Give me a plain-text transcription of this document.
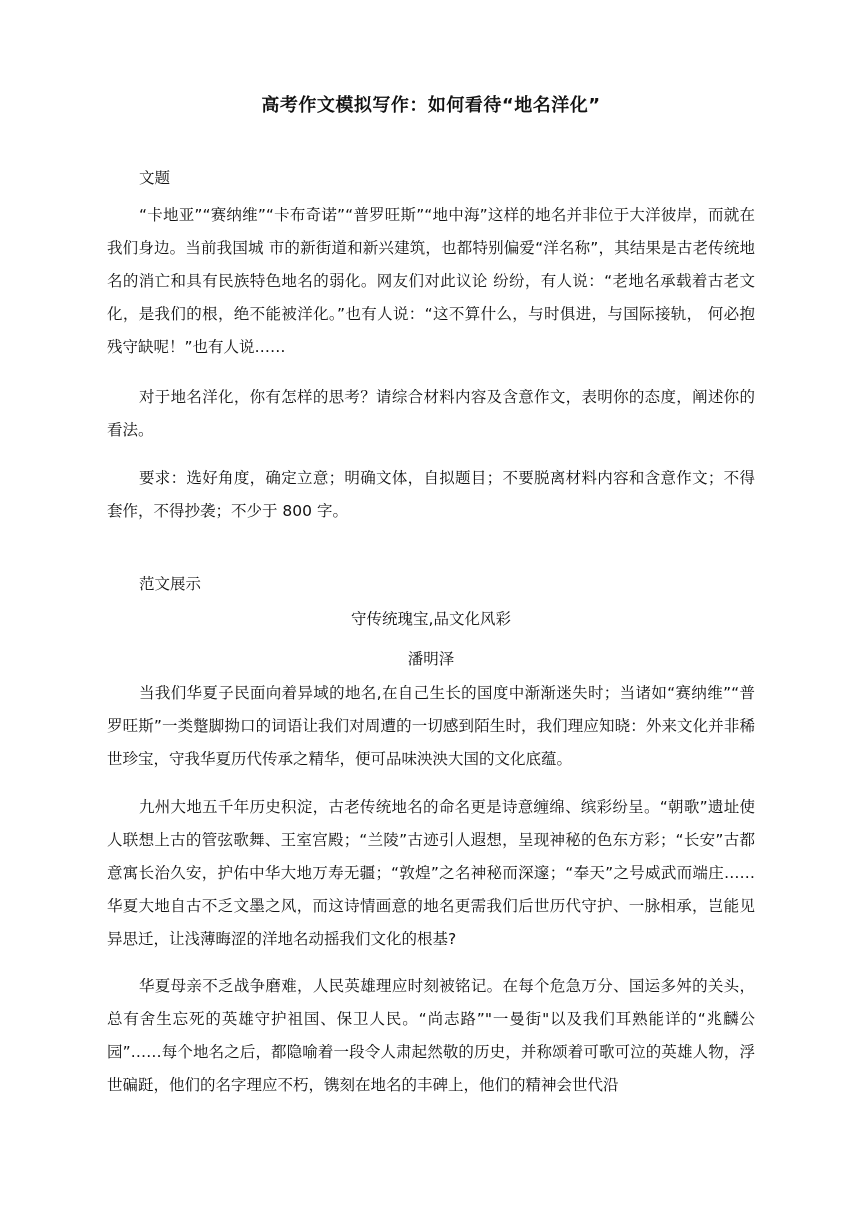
高考作文模拟写作：如何看待“地名洋化”
文题
“卡地亚”“赛纳维”“卡布奇诺”“普罗旺斯”“地中海”这样的地名并非位于大洋彼岸，而就在我们身边。当前我国城 市的新街道和新兴建筑，也都特别偏爱“洋名称”，其结果是古老传统地名的消亡和具有民族特色地名的弱化。网友们对此议论 纷纷，有人说：“老地名承载着古老文化，是我们的根，绝不能被洋化。”也有人说：“这不算什么，与时俱进，与国际接轨， 何必抱残守缺呢！”也有人说……
对于地名洋化，你有怎样的思考？请综合材料内容及含意作文，表明你的态度，阐述你的看法。
要求：选好角度，确定立意；明确文体，自拟题目；不要脱离材料内容和含意作文；不得套作，不得抄袭；不少于 800 字。
范文展示
守传统瑰宝,品文化风彩
潘明泽
当我们华夏子民面向着异域的地名,在自己生长的国度中渐渐迷失时；当诸如“赛纳维”“普罗旺斯”一类蹩脚拗口的词语让我们对周遭的一切感到陌生时，我们理应知晓：外来文化并非稀世珍宝，守我华夏历代传承之精华，便可品味泱泱大国的文化底蕴。
九州大地五千年历史积淀，古老传统地名的命名更是诗意缠绵、缤彩纷呈。“朝歌”遗址使人联想上古的管弦歌舞、王室宫殿；“兰陵”古迹引人遐想，呈现神秘的色东方彩；“长安”古都意寓长治久安，护佑中华大地万寿无疆；“敦煌”之名神秘而深邃；“奉天”之号威武而端庄……华夏大地自古不乏文墨之风，而这诗情画意的地名更需我们后世历代守护、一脉相承，岂能见异思迁，让浅薄晦涩的洋地名动摇我们文化的根基?
华夏母亲不乏战争磨难，人民英雄理应时刻被铭记。在每个危急万分、国运多舛的关头，总有舍生忘死的英雄守护祖国、保卫人民。“尚志路”"一曼街"以及我们耳熟能详的“兆麟公园”……每个地名之后，都隐喻着一段令人肃起然敬的历史，并称颂着可歌可泣的英雄人物，浮世碥跹，他们的名字理应不朽，镌刻在地名的丰碑上，他们的精神会世代沿
